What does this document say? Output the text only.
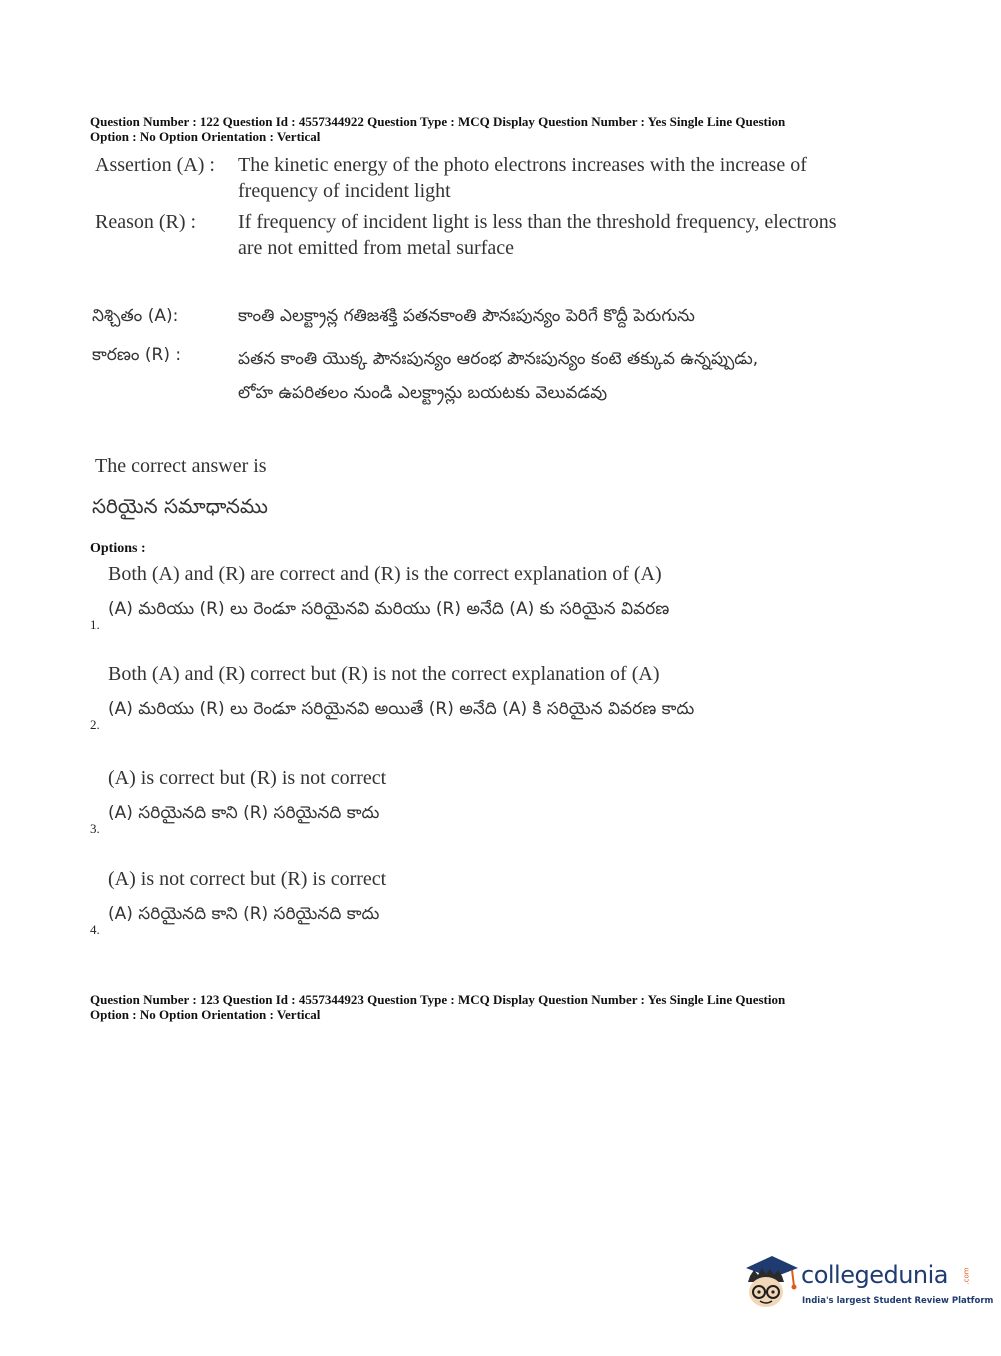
Question Number : 122 Question Id : 4557344922 Question Type : MCQ Display Question Number : Yes Single Line Question

Option : No Option Orientation : Vertical

Assertion (A) : The kinetic energy of the photo electrons increases with the increase of
frequency of incident light
Reason (R) : If frequency of incident light is less than the threshold frequency, electrons
are not emitted from metal surface
నిశ్చితం (A):	కాంతి ఎలక్ట్రాన్ల గతిజశక్తి పతనకాంతి పౌనఃపున్యం పెరిగే కొద్దీ పెరుగును
కారణం (R) :	పతన కాంతి యొక్క పౌనఃపున్యం ఆరంభ పౌనఃపున్యం కంటె తక్కువ ఉన్నప్పుడు,
లోహ ఉపరితలం నుండి ఎలక్ట్రాన్లు బయటకు వెలువడవు
The correct answer is
సరియైన సమాధానము
Options :
Both (A) and (R) are correct and (R) is the correct explanation of (A)
(A) మరియు (R) లు రెండూ సరియైనవి మరియు (R) అనేది (A) కు సరియైన వివరణ
1.
Both (A) and (R) correct but (R) is not the correct explanation of (A)
(A) మరియు (R) లు రెండూ సరియైనవి అయితే (R) అనేది (A) కి సరియైన వివరణ కాదు
2.
(A) is correct but (R) is not correct
(A) సరియైనది కాని (R) సరియైనది కాదు
3.
(A) is not correct but (R) is correct
(A) సరియైనది కాని (R) సరియైనది కాదు
4.

Question Number : 123 Question Id : 4557344923 Question Type : MCQ Display Question Number : Yes Single Line Question

Option : No Option Orientation : Vertical

collegedunia .com
India's largest Student Review Platform
